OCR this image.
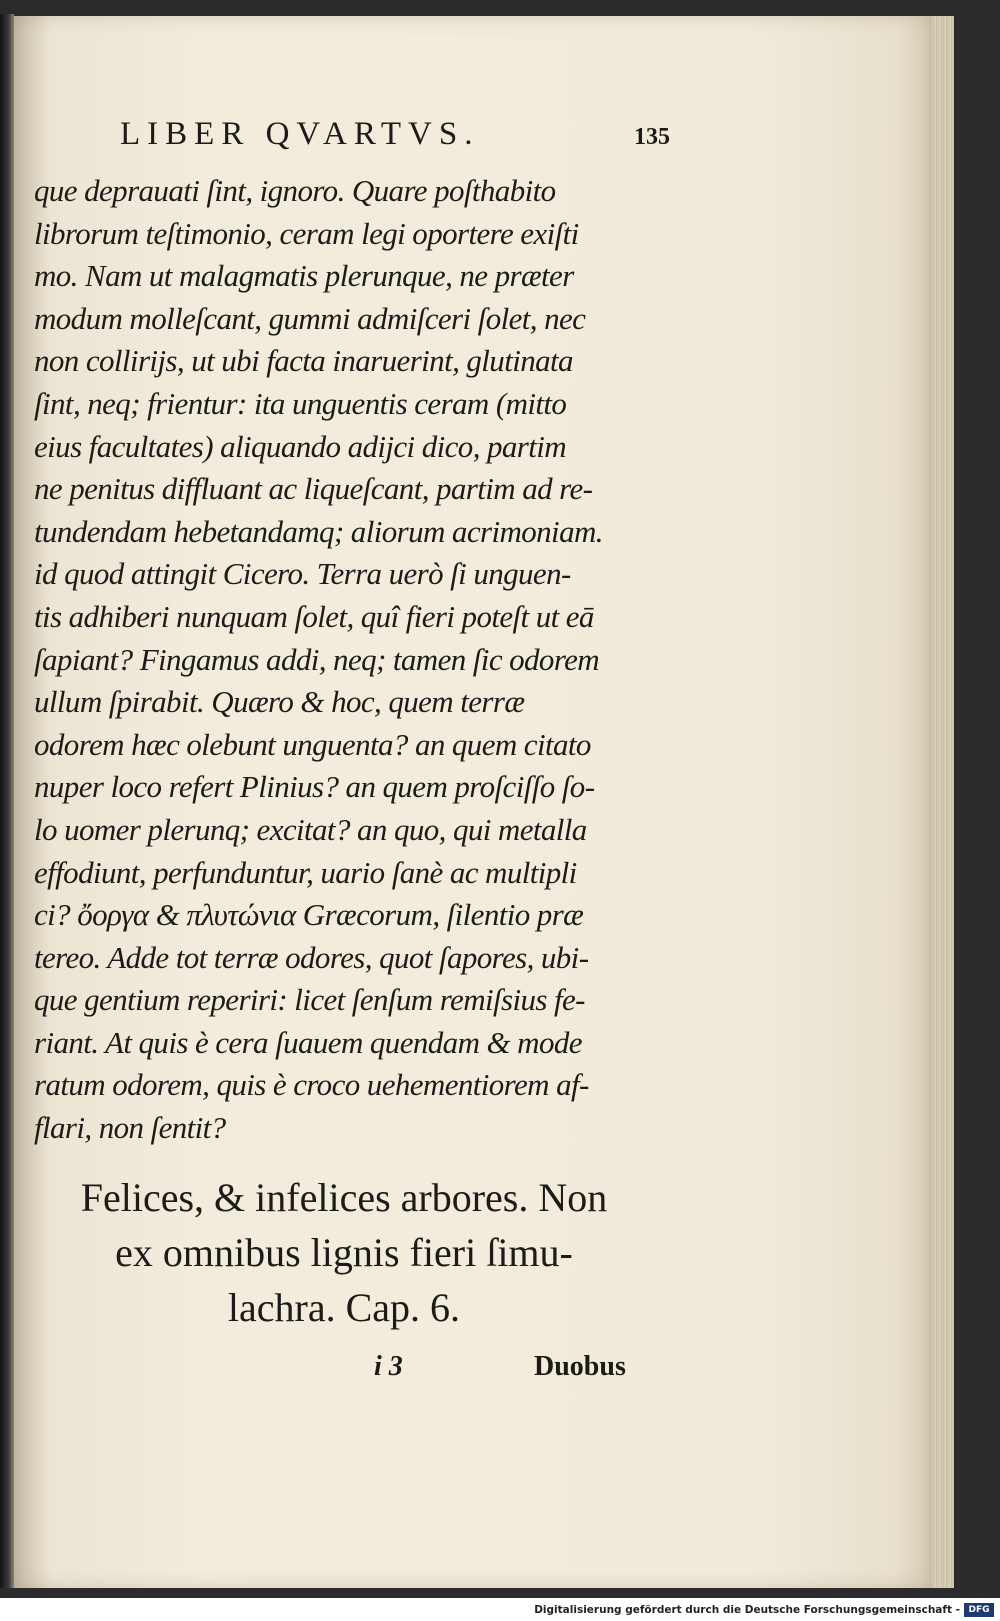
LIBER QVARTVS.	135
que deprauati ſint, ignoro. Quare poſthabito
librorum teſtimonio, ceram legi oportere exiſti
mo. Nam ut malagmatis plerunque, ne præter
modum molleſcant, gummi admiſceri ſolet, nec
non collirijs, ut ubi facta inaruerint, glutinata
ſint, neq; frientur: ita unguentis ceram (mitto
eius facultates) aliquando adijci dico, partim
ne penitus diffluant ac liqueſcant, partim ad re-
tundendam hebetandamq; aliorum acrimoniam.
id quod attingit Cicero. Terra uerò ſi unguen-
tis adhiberi nunquam ſolet, quî fieri poteſt ut eā
ſapiant? Fingamus addi, neq; tamen ſic odorem
ullum ſpirabit. Quæro & hoc, quem terræ
odorem hæc olebunt unguenta? an quem citato
nuper loco refert Plinius? an quem proſciſſo ſo-
lo uomer plerunq; excitat? an quo, qui metalla
effodiunt, perfunduntur, uario ſanè ac multipli
ci? ὄοργα & πλυτώνια Græcorum, ſilentio præ
tereo. Adde tot terræ odores, quot ſapores, ubi-
que gentium reperiri: licet ſenſum remiſsius fe-
riant. At quis è cera ſuauem quendam & mode
ratum odorem, quis è croco uehementiorem af-
flari, non ſentit?
Felices, & infelices arbores. Non
ex omnibus lignis fieri ſimu-
lachra. Cap. 6.
i 3	Duobus
Digitalisierung gefördert durch die Deutsche Forschungsgemeinschaft - DFG
